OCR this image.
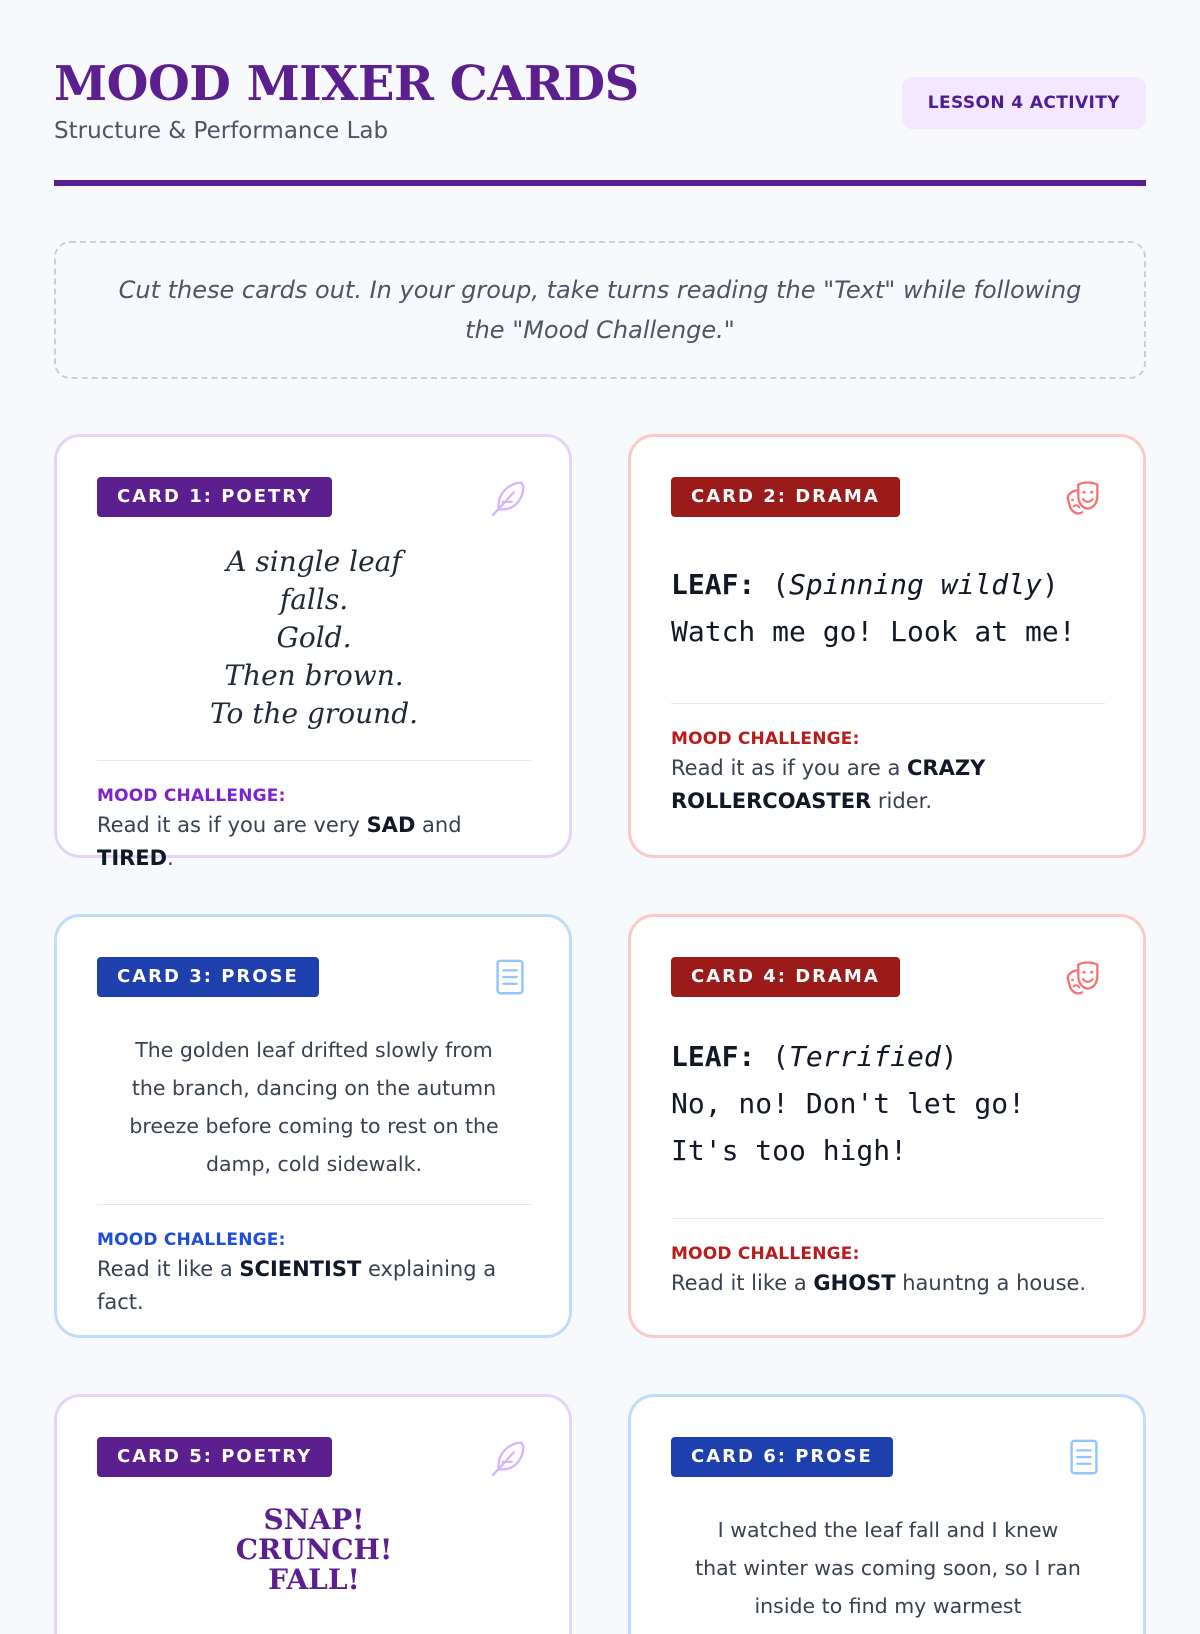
MOOD MIXER CARDS
Structure & Performance Lab
LESSON 4 ACTIVITY
Cut these cards out. In your group, take turns reading the "Text" while following the "Mood Challenge."
CARD 1: POETRY
A single leaf
falls.
Gold.
Then brown.
To the ground.
MOOD CHALLENGE:
Read it as if you are very SAD and TIRED.
CARD 2: DRAMA
LEAF: (Spinning wildly)
Watch me go! Look at me!
MOOD CHALLENGE:
Read it as if you are a CRAZY ROLLERCOASTER rider.
CARD 3: PROSE
The golden leaf drifted slowly from the branch, dancing on the autumn breeze before coming to rest on the damp, cold sidewalk.
MOOD CHALLENGE:
Read it like a SCIENTIST explaining a fact.
CARD 4: DRAMA
LEAF: (Terrified)
No, no! Don't let go!
It's too high!
MOOD CHALLENGE:
Read it like a GHOST hauntng a house.
CARD 5: POETRY
SNAP!
CRUNCH!
FALL!
CARD 6: PROSE
I watched the leaf fall and I knew that winter was coming soon, so I ran inside to find my warmest
